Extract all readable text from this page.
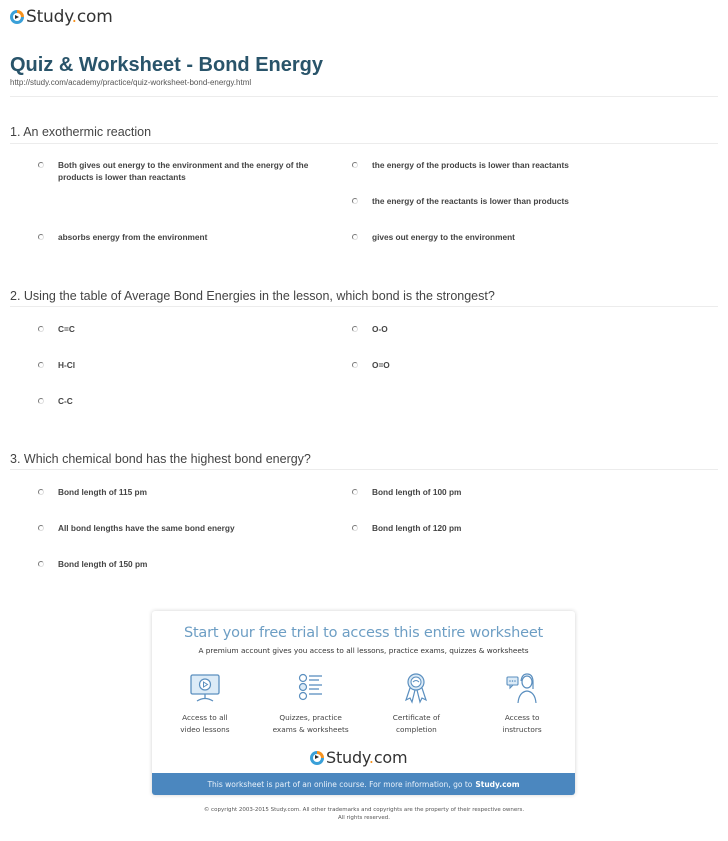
Study.com
Quiz & Worksheet - Bond Energy
http://study.com/academy/practice/quiz-worksheet-bond-energy.html
1. An exothermic reaction
Both gives out energy to the environment and the energy of the products is lower than reactants
the energy of the products is lower than reactants
the energy of the reactants is lower than products
absorbs energy from the environment	gives out energy to the environment
2. Using the table of Average Bond Energies in the lesson, which bond is the strongest?
C=C	O-O
H-Cl	O=O
C-C
3. Which chemical bond has the highest bond energy?
Bond length of 115 pm	Bond length of 100 pm
All bond lengths have the same bond energy	Bond length of 120 pm
Bond length of 150 pm
Start your free trial to access this entire worksheet
A premium account gives you access to all lessons, practice exams, quizzes & worksheets
Access to all
video lessons
Quizzes, practice
exams & worksheets
Certificate of
completion
Access to
instructors
Study.com
This worksheet is part of an online course. For more information, go to Study.com
© copyright 2003-2015 Study.com. All other trademarks and copyrights are the property of their respective owners.
All rights reserved.
